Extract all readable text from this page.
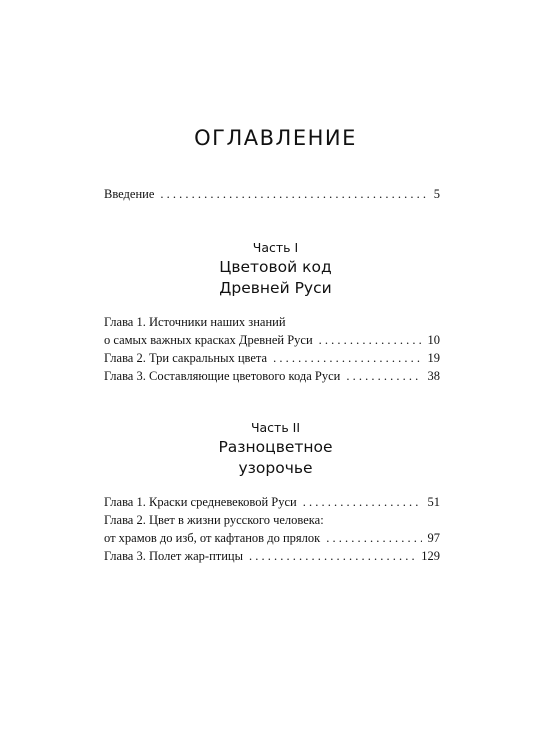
ОГЛАВЛЕНИЕ
Введение . . .	5
Часть I
Цветовой код
Древней Руси
Глава 1. Источники наших знаний
о самых важных красках Древней Руси . . .	10
Глава 2. Три сакральных цвета . . .	19
Глава 3. Составляющие цветового кода Руси . . .	38
Часть II
Разноцветное
узорочье
Глава 1. Краски средневековой Руси . . .	51
Глава 2. Цвет в жизни русского человека:
от храмов до изб, от кафтанов до прялок . . .	97
Глава 3. Полет жар-птицы . . .	129
